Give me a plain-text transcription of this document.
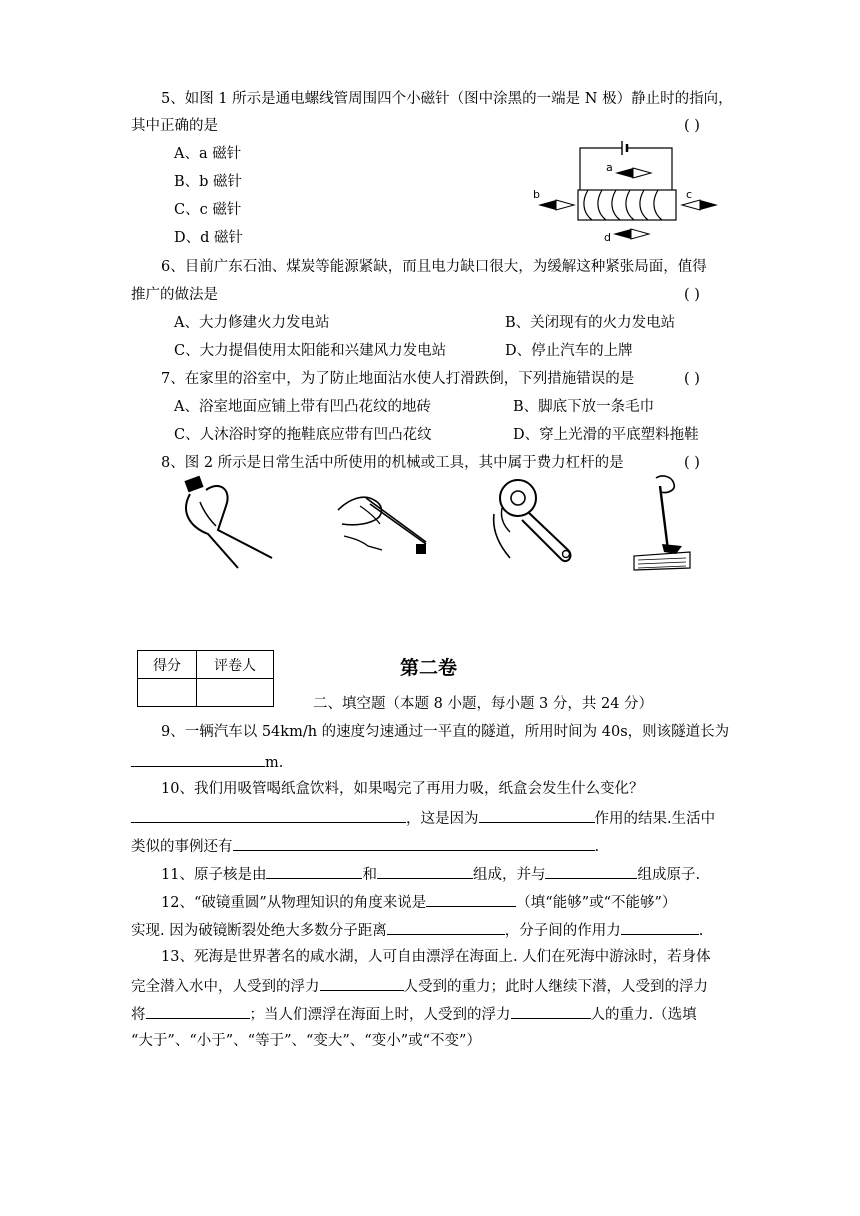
5、如图 1 所示是通电螺线管周围四个小磁针（图中涂黑的一端是 N 极）静止时的指向，
其中正确的是	( )
A、a 磁针
B、b 磁针
C、c 磁针
D、d 磁针
a
b	c
d
6、目前广东石油、煤炭等能源紧缺，而且电力缺口很大，为缓解这种紧张局面，值得
推广的做法是	( )
A、大力修建火力发电站	B、关闭现有的火力发电站
C、大力提倡使用太阳能和兴建风力发电站	D、停止汽车的上牌
7、在家里的浴室中，为了防止地面沾水使人打滑跌倒，下列措施错误的是	( )
A、浴室地面应铺上带有凹凸花纹的地砖	B、脚底下放一条毛巾
C、人沐浴时穿的拖鞋底应带有凹凸花纹	D、穿上光滑的平底塑料拖鞋
8、图 2 所示是日常生活中所使用的机械或工具，其中属于费力杠杆的是	( )
得分	评卷人
		第二卷
二、填空题（本题 8 小题，每小题 3 分，共 24 分）
9、一辆汽车以 54km/h 的速度匀速通过一平直的隧道，所用时间为 40s，则该隧道长为
m.
10、我们用吸管喝纸盒饮料，如果喝完了再用力吸，纸盒会发生什么变化？
，这是因为	作用的结果.生活中
类似的事例还有	.
11、原子核是由	和	组成，并与	组成原子.
12、“破镜重圆”从物理知识的角度来说是	（填“能够”或“不能够”）
实现. 因为破镜断裂处绝大多数分子距离	，分子间的作用力	.
13、死海是世界著名的咸水湖，人可自由漂浮在海面上. 人们在死海中游泳时，若身体
完全潜入水中，人受到的浮力	人受到的重力；此时人继续下潜，人受到的浮力
将	；当人们漂浮在海面上时，人受到的浮力	人的重力.（选填
“大于”、“小于”、“等于”、“变大”、“变小”或“不变”）
